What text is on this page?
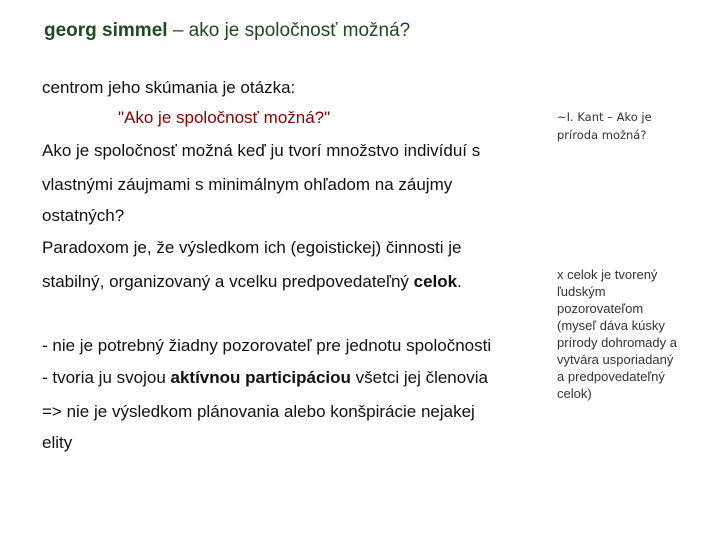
georg simmel – ako je spoločnosť možná?
centrom jeho skúmania je otázka:
"Ako je spoločnosť možná?"
Ako je spoločnosť možná keď ju tvorí množstvo indivíduí s
vlastnými záujmami s minimálnym ohľadom na záujmy
ostatných?
Paradoxom je, že výsledkom ich (egoistickej) činnosti je
stabilný, organizovaný a vcelku predpovedateľný celok.
- nie je potrebný žiadny pozorovateľ pre jednotu spoločnosti
- tvoria ju svojou aktívnou participáciou všetci jej členovia
=> nie je výsledkom plánovania alebo konšpirácie nejakej
elity
~I. Kant – Ako je
príroda možná?
x celok je tvorený
ľudským
pozorovateľom
(myseľ dáva kúsky
prírody dohromady a
vytvára usporiadaný
a predpovedateľný
celok)
